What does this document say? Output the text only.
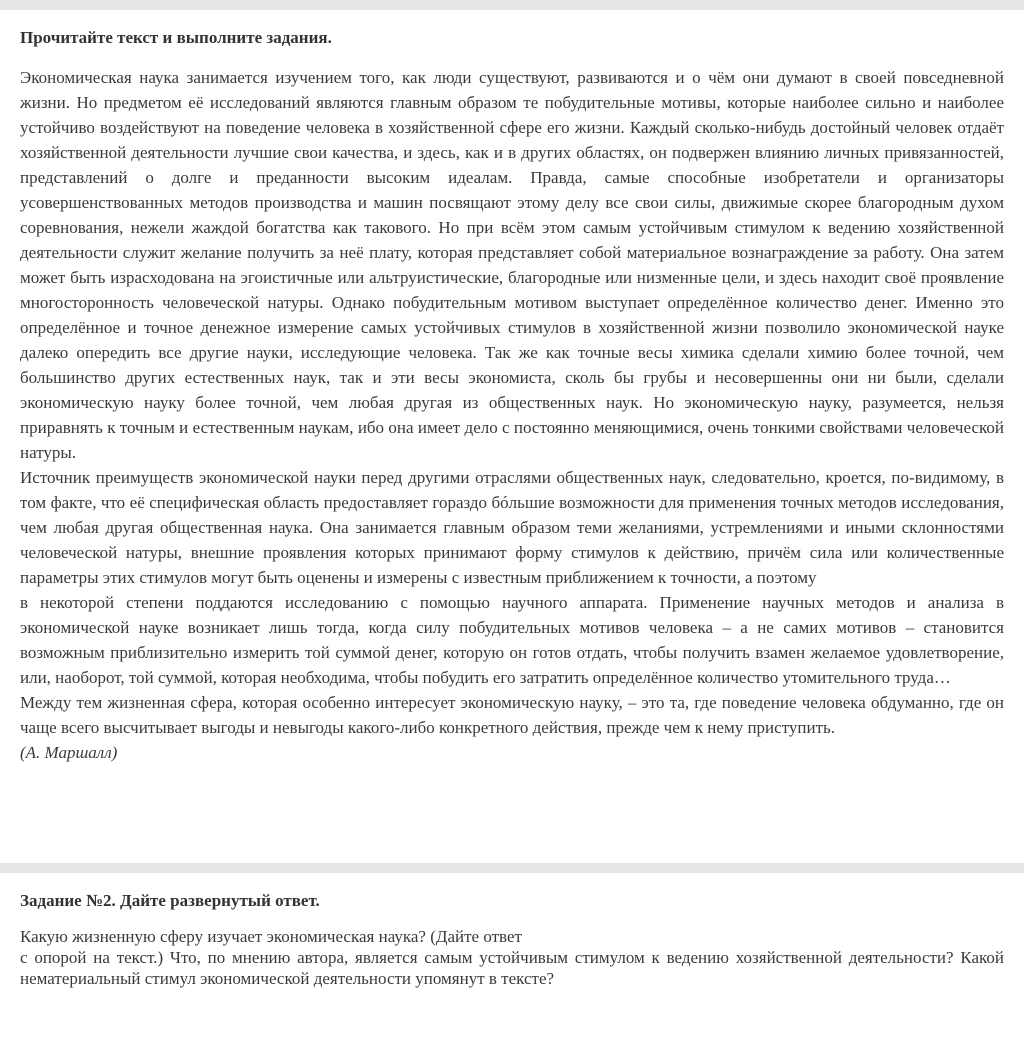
Прочитайте текст и выполните задания.

Экономическая наука занимается изучением того, как люди существуют, развиваются и о чём они думают в своей повседневной жизни. Но предметом её исследований являются главным образом те побудительные мотивы, которые наиболее сильно и наиболее устойчиво воздействуют на поведение человека в хозяйственной сфере его жизни. Каждый сколько-нибудь достойный человек отдаёт хозяйственной деятельности лучшие свои качества, и здесь, как и в других областях, он подвержен влиянию личных привязанностей, представлений о долге и преданности высоким идеалам. Правда, самые способные изобретатели и организаторы усовершенствованных методов производства и машин посвящают этому делу все свои силы, движимые скорее благородным духом соревнования, нежели жаждой богатства как такового. Но при всём этом самым устойчивым стимулом к ведению хозяйственной деятельности служит желание получить за неё плату, которая представляет собой материальное вознаграждение за работу. Она затем может быть израсходована на эгоистичные или альтруистические, благородные или низменные цели, и здесь находит своё проявление многосторонность человеческой натуры. Однако побудительным мотивом выступает определённое количество денег. Именно это определённое и точное денежное измерение самых устойчивых стимулов в хозяйственной жизни позволило экономической науке далеко опередить все другие науки, исследующие человека. Так же как точные весы химика сделали химию более точной, чем большинство других естественных наук, так и эти весы экономиста, сколь бы грубы и несовершенны они ни были, сделали экономическую науку более точной, чем любая другая из общественных наук. Но экономическую науку, разумеется, нельзя приравнять к точным и естественным наукам, ибо она имеет дело с постоянно меняющимися, очень тонкими свойствами человеческой натуры.

Источник преимуществ экономической науки перед другими отраслями общественных наук, следовательно, кроется, по-видимому, в том факте, что её специфическая область предоставляет гораздо бóльшие возможности для применения точных методов исследования, чем любая другая общественная наука. Она занимается главным образом теми желаниями, устремлениями и иными склонностями человеческой натуры, внешние проявления которых принимают форму стимулов к действию, причём сила или количественные параметры этих стимулов могут быть оценены и измерены с известным приближением к точности, а поэтому

в некоторой степени поддаются исследованию с помощью научного аппарата. Применение научных методов и анализа в экономической науке возникает лишь тогда, когда силу побудительных мотивов человека – а не самих мотивов – становится возможным приблизительно измерить той суммой денег, которую он готов отдать, чтобы получить взамен желаемое удовлетворение, или, наоборот, той суммой, которая необходима, чтобы побудить его затратить определённое количество утомительного труда…

Между тем жизненная сфера, которая особенно интересует экономическую науку, – это та, где поведение человека обдуманно, где он чаще всего высчитывает выгоды и невыгоды какого-либо конкретного действия, прежде чем к нему приступить.

(А. Маршалл)

Задание №2. Дайте развернутый ответ.

Какую жизненную сферу изучает экономическая наука? (Дайте ответ

с опорой на текст.) Что, по мнению автора, является самым устойчивым стимулом к ведению хозяйственной деятельности? Какой нематериальный стимул экономической деятельности упомянут в тексте?
